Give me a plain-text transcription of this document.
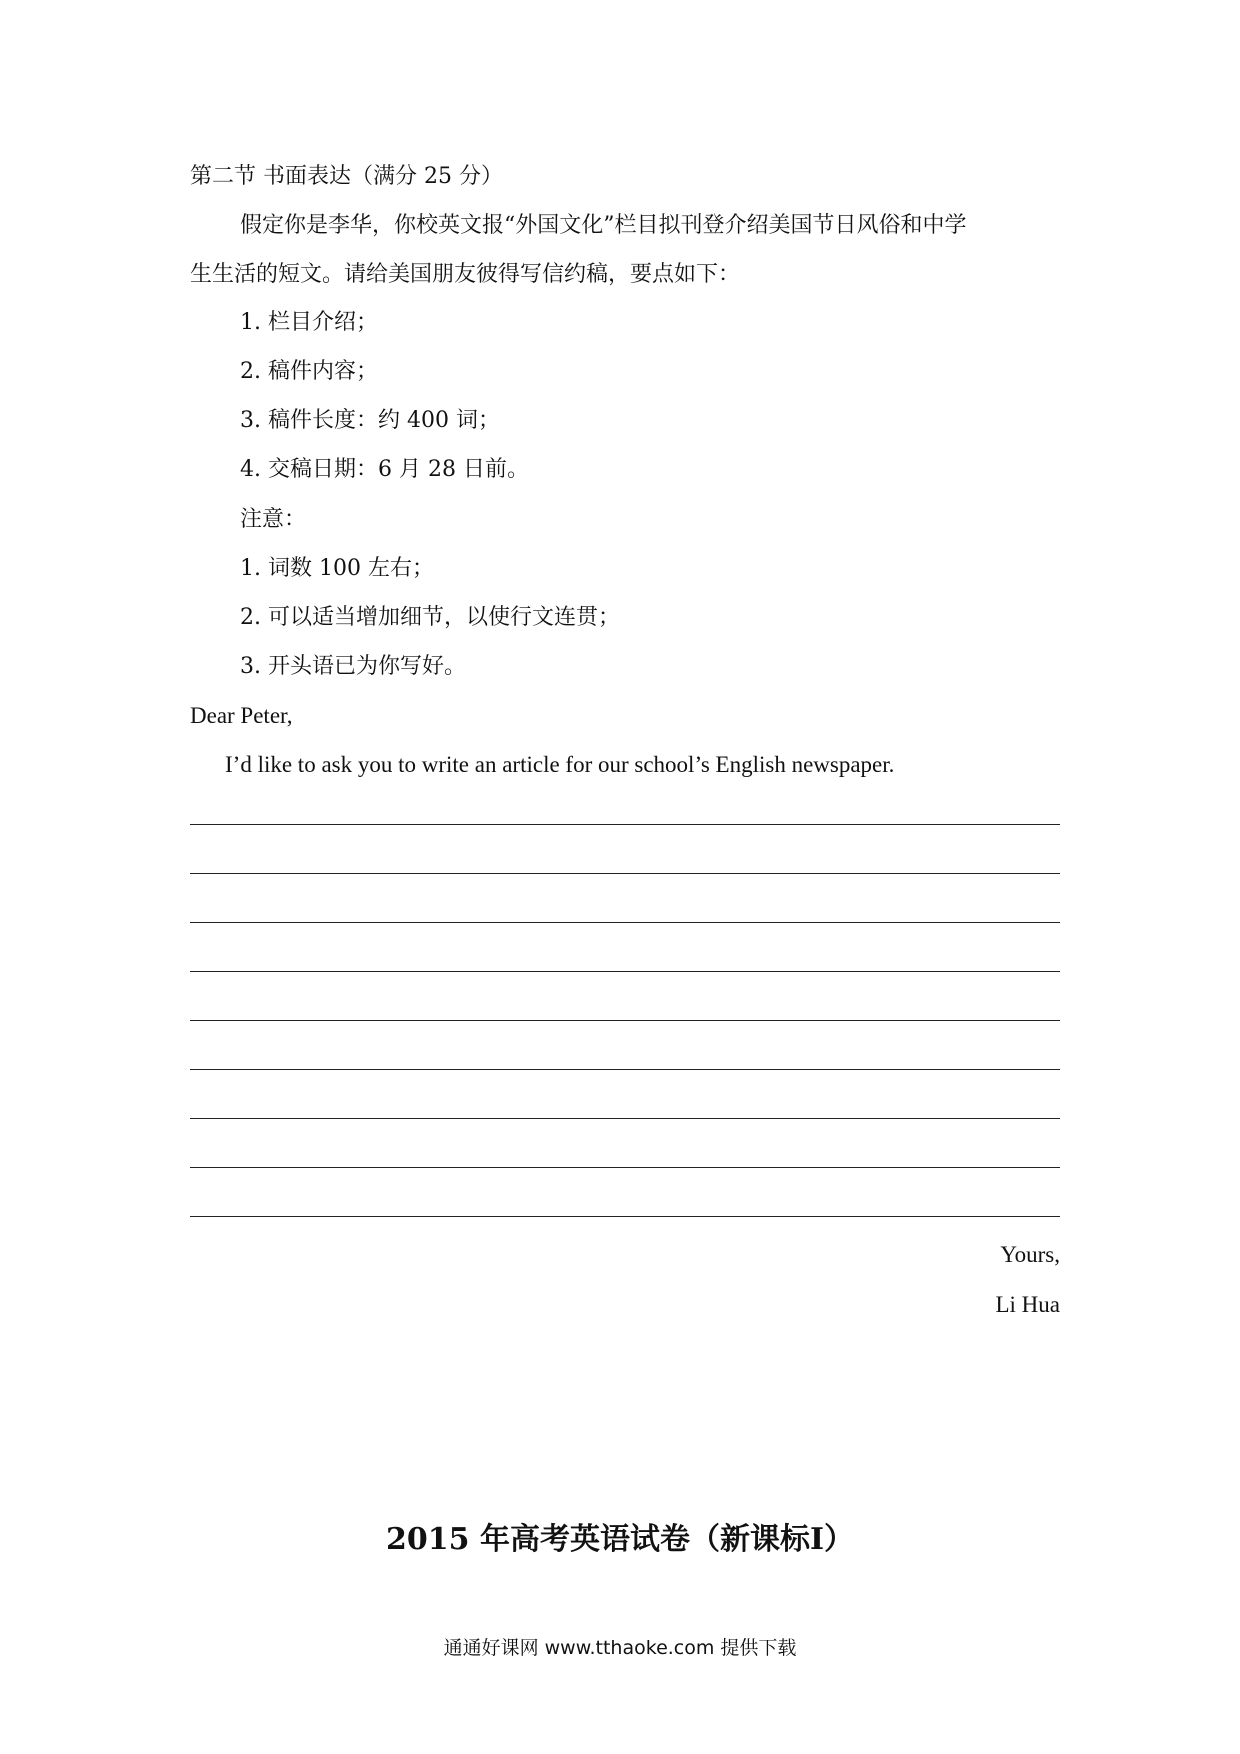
第二节 书面表达（满分 25 分）
假定你是李华，你校英文报“外国文化”栏目拟刊登介绍美国节日风俗和中学
生生活的短文。请给美国朋友彼得写信约稿，要点如下：
1. 栏目介绍；
2. 稿件内容；
3. 稿件长度：约 400 词；
4. 交稿日期：6 月 28 日前。
注意：
1. 词数 100 左右；
2. 可以适当增加细节，以使行文连贯；
3. 开头语已为你写好。
Dear Peter,
I’d like to ask you to write an article for our school’s English newspaper.
Yours,
Li Hua
2015 年高考英语试卷（新课标I）
通通好课网 www.tthaoke.com 提供下载
